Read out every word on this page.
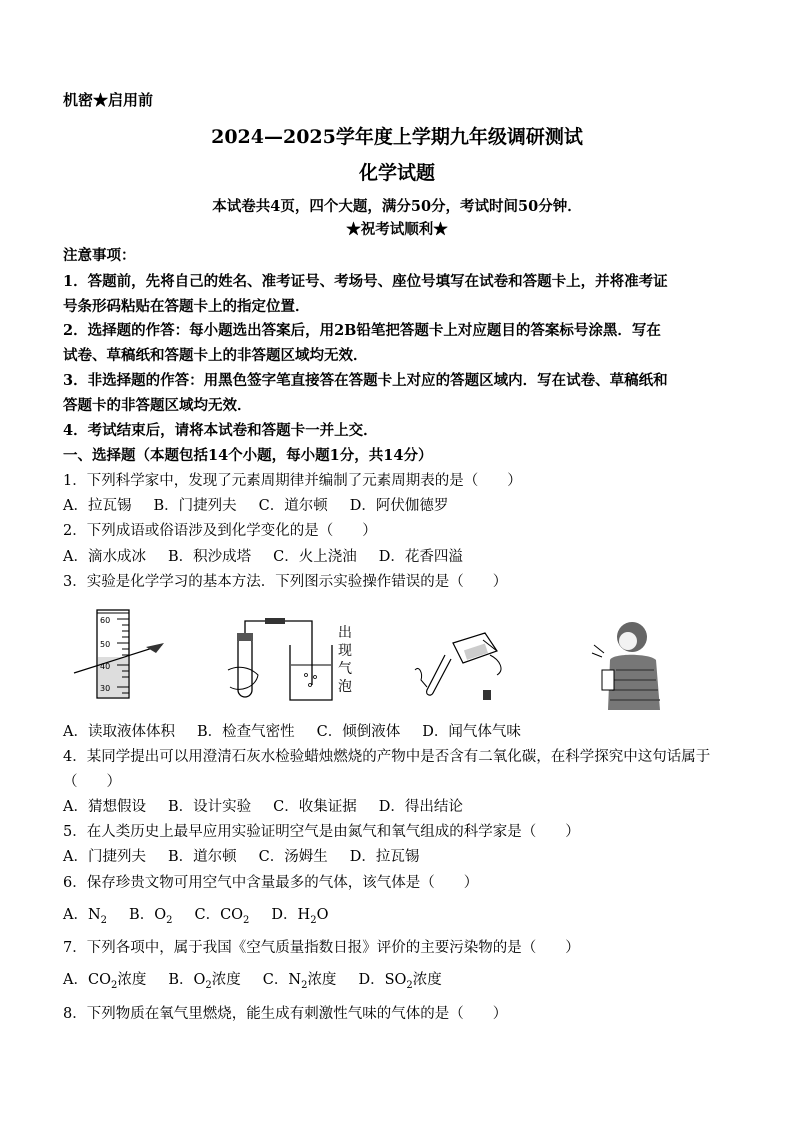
机密★启用前
2024—2025学年度上学期九年级调研测试
化学试题
本试卷共4页，四个大题，满分50分，考试时间50分钟．
★祝考试顺利★
注意事项：
1．答题前，先将自己的姓名、准考证号、考场号、座位号填写在试卷和答题卡上，并将准考证
号条形码粘贴在答题卡上的指定位置．
2．选择题的作答：每小题选出答案后，用2B铅笔把答题卡上对应题目的答案标号涂黑．写在
试卷、草稿纸和答题卡上的非答题区域均无效．
3．非选择题的作答：用黑色签字笔直接答在答题卡上对应的答题区域内．写在试卷、草稿纸和
答题卡的非答题区域均无效．
4．考试结束后，请将本试卷和答题卡一并上交．
一、选择题（本题包括14个小题，每小题1分，共14分）
1．下列科学家中，发现了元素周期律并编制了元素周期表的是（　　）
A．拉瓦锡 B．门捷列夫 C．道尔顿 D．阿伏伽德罗
2．下列成语或俗语涉及到化学变化的是（　　）
A．滴水成冰 B．积沙成塔 C．火上浇油 D．花香四溢
3．实验是化学学习的基本方法．下列图示实验操作错误的是（　　）
60
50
40
30
出
现
气
泡
A．读取液体体积 B．检查气密性 C．倾倒液体 D．闻气体气味
4．某同学提出可以用澄清石灰水检验蜡烛燃烧的产物中是否含有二氧化碳，在科学探究中这句话属于
（　　）
A．猜想假设 B．设计实验 C．收集证据 D．得出结论
5．在人类历史上最早应用实验证明空气是由氮气和氧气组成的科学家是（　　）
A．门捷列夫 B．道尔顿 C．汤姆生 D．拉瓦锡
6．保存珍贵文物可用空气中含量最多的气体，该气体是（　　）
A．$N_2$ B．$O_2$ C．$CO_2$ D．$H_2O$
7．下列各项中，属于我国《空气质量指数日报》评价的主要污染物的是（　　）
A．$CO_2$浓度 B．$O_2$浓度 C．$N_2$浓度 D．$SO_2$浓度
8．下列物质在氧气里燃烧，能生成有刺激性气味的气体的是（　　）
